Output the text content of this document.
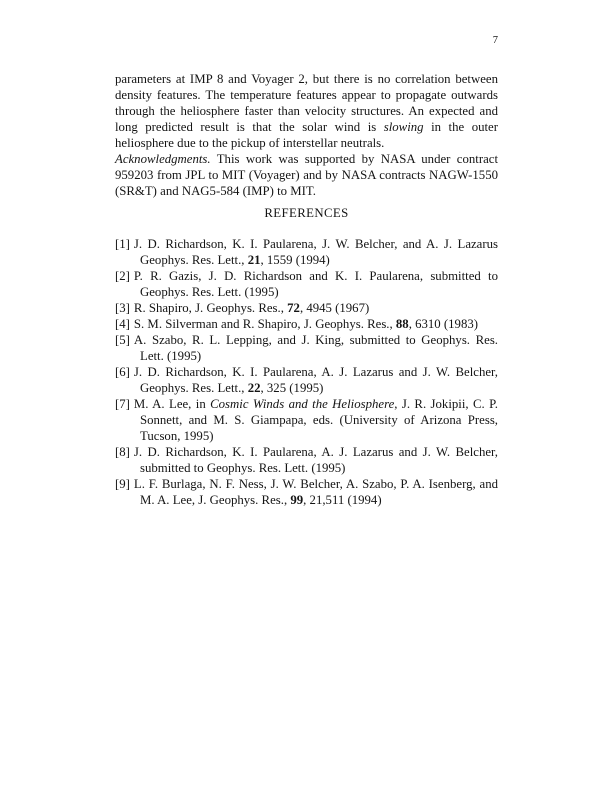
7

parameters at IMP 8 and Voyager 2, but there is no correlation between density features. The temperature features appear to propagate outwards through the heliosphere faster than velocity structures. An expected and long predicted result is that the solar wind is slowing in the outer heliosphere due to the pickup of interstellar neutrals.

Acknowledgments. This work was supported by NASA under contract 959203 from JPL to MIT (Voyager) and by NASA contracts NAGW-1550 (SR&T) and NAG5-584 (IMP) to MIT.

REFERENCES
[1] J. D. Richardson, K. I. Paularena, J. W. Belcher, and A. J. Lazarus Geophys. Res. Lett., 21, 1559 (1994)
[2] P. R. Gazis, J. D. Richardson and K. I. Paularena, submitted to Geophys. Res. Lett. (1995)
[3] R. Shapiro, J. Geophys. Res., 72, 4945 (1967)
[4] S. M. Silverman and R. Shapiro, J. Geophys. Res., 88, 6310 (1983)
[5] A. Szabo, R. L. Lepping, and J. King, submitted to Geophys. Res. Lett. (1995)
[6] J. D. Richardson, K. I. Paularena, A. J. Lazarus and J. W. Belcher, Geophys. Res. Lett., 22, 325 (1995)
[7] M. A. Lee, in Cosmic Winds and the Heliosphere, J. R. Jokipii, C. P. Sonnett, and M. S. Giampapa, eds. (University of Arizona Press, Tucson, 1995)
[8] J. D. Richardson, K. I. Paularena, A. J. Lazarus and J. W. Belcher, submitted to Geophys. Res. Lett. (1995)
[9] L. F. Burlaga, N. F. Ness, J. W. Belcher, A. Szabo, P. A. Isenberg, and M. A. Lee, J. Geophys. Res., 99, 21,511 (1994)
